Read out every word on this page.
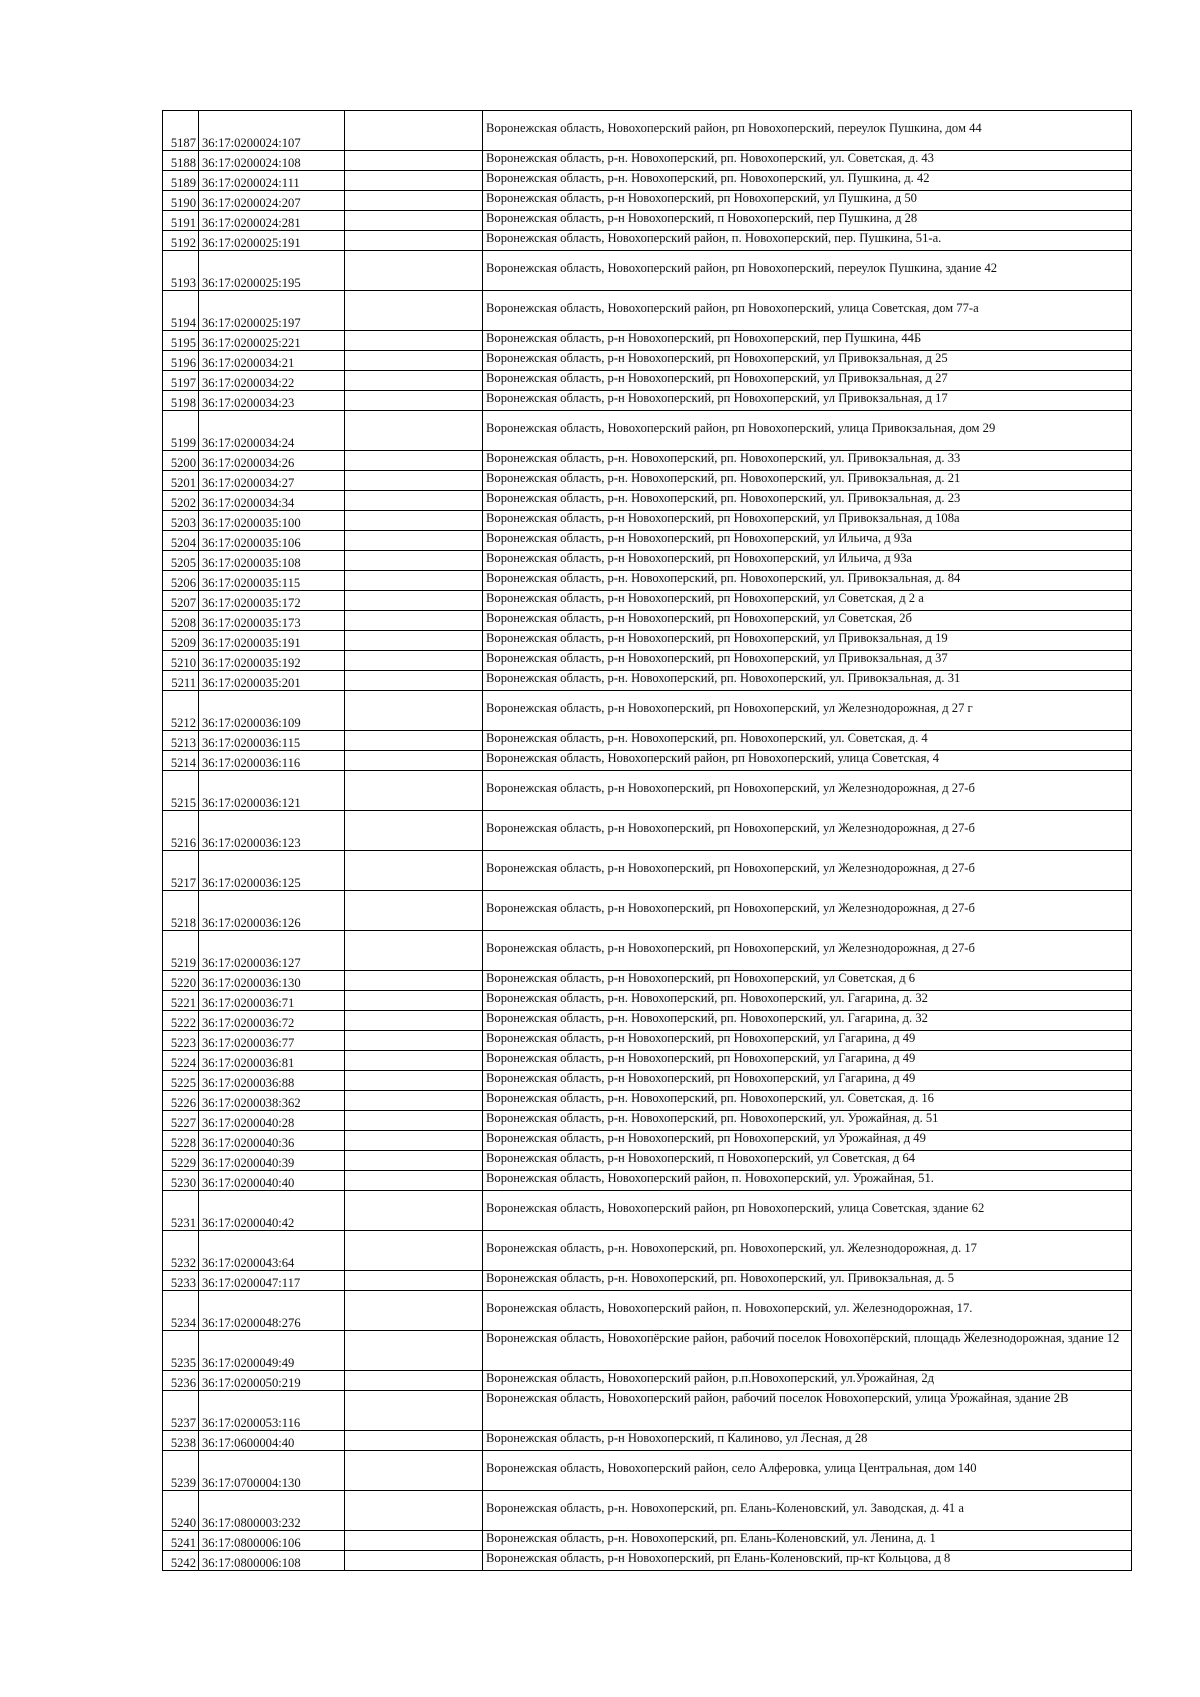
5187	36:17:0200024:107		Воронежская область, Новохоперский район, рп Новохоперский, переулок Пушкина, дом 44
5188	36:17:0200024:108		Воронежская область, р-н. Новохоперский, рп. Новохоперский, ул. Советская, д. 43
5189	36:17:0200024:111		Воронежская область, р-н. Новохоперский, рп. Новохоперский, ул. Пушкина, д. 42
5190	36:17:0200024:207		Воронежская область, р-н Новохоперский, рп Новохоперский, ул Пушкина, д 50
5191	36:17:0200024:281		Воронежская область, р-н Новохоперский, п Новохоперский, пер Пушкина, д 28
5192	36:17:0200025:191		Воронежская область, Новохоперский район, п. Новохоперский, пер. Пушкина, 51-а.
5193	36:17:0200025:195		Воронежская область, Новохоперский район, рп Новохоперский, переулок Пушкина, здание 42
5194	36:17:0200025:197		Воронежская область, Новохоперский район, рп Новохоперский, улица Советская, дом 77-а
5195	36:17:0200025:221		Воронежская область, р-н Новохоперский, рп Новохоперский, пер Пушкина, 44Б
5196	36:17:0200034:21		Воронежская область, р-н Новохоперский, рп Новохоперский, ул Привокзальная, д 25
5197	36:17:0200034:22		Воронежская область, р-н Новохоперский, рп Новохоперский, ул Привокзальная, д 27
5198	36:17:0200034:23		Воронежская область, р-н Новохоперский, рп Новохоперский, ул Привокзальная, д 17
5199	36:17:0200034:24		Воронежская область, Новохоперский район, рп Новохоперский, улица Привокзальная, дом 29
5200	36:17:0200034:26		Воронежская область, р-н. Новохоперский, рп. Новохоперский, ул. Привокзальная, д. 33
5201	36:17:0200034:27		Воронежская область, р-н. Новохоперский, рп. Новохоперский, ул. Привокзальная, д. 21
5202	36:17:0200034:34		Воронежская область, р-н. Новохоперский, рп. Новохоперский, ул. Привокзальная, д. 23
5203	36:17:0200035:100		Воронежская область, р-н Новохоперский, рп Новохоперский, ул Привокзальная, д 108а
5204	36:17:0200035:106		Воронежская область, р-н Новохоперский, рп Новохоперский, ул Ильича, д 93а
5205	36:17:0200035:108		Воронежская область, р-н Новохоперский, рп Новохоперский, ул Ильича, д 93а
5206	36:17:0200035:115		Воронежская область, р-н. Новохоперский, рп. Новохоперский, ул. Привокзальная, д. 84
5207	36:17:0200035:172		Воронежская область, р-н Новохоперский, рп Новохоперский, ул Советская, д 2 а
5208	36:17:0200035:173		Воронежская область, р-н Новохоперский, рп Новохоперский, ул Советская, 2б
5209	36:17:0200035:191		Воронежская область, р-н Новохоперский, рп Новохоперский, ул Привокзальная, д 19
5210	36:17:0200035:192		Воронежская область, р-н Новохоперский, рп Новохоперский, ул Привокзальная, д 37
5211	36:17:0200035:201		Воронежская область, р-н. Новохоперский, рп. Новохоперский, ул. Привокзальная, д. 31
5212	36:17:0200036:109		Воронежская область, р-н Новохоперский, рп Новохоперский, ул Железнодорожная, д 27 г
5213	36:17:0200036:115		Воронежская область, р-н. Новохоперский, рп. Новохоперский, ул. Советская, д. 4
5214	36:17:0200036:116		Воронежская область, Новохоперский район, рп Новохоперский, улица Советская, 4
5215	36:17:0200036:121		Воронежская область, р-н Новохоперский, рп Новохоперский, ул Железнодорожная, д 27-б
5216	36:17:0200036:123		Воронежская область, р-н Новохоперский, рп Новохоперский, ул Железнодорожная, д 27-б
5217	36:17:0200036:125		Воронежская область, р-н Новохоперский, рп Новохоперский, ул Железнодорожная, д 27-б
5218	36:17:0200036:126		Воронежская область, р-н Новохоперский, рп Новохоперский, ул Железнодорожная, д 27-б
5219	36:17:0200036:127		Воронежская область, р-н Новохоперский, рп Новохоперский, ул Железнодорожная, д 27-б
5220	36:17:0200036:130		Воронежская область, р-н Новохоперский, рп Новохоперский, ул Советская, д 6
5221	36:17:0200036:71		Воронежская область, р-н. Новохоперский, рп. Новохоперский, ул. Гагарина, д. 32
5222	36:17:0200036:72		Воронежская область, р-н. Новохоперский, рп. Новохоперский, ул. Гагарина, д. 32
5223	36:17:0200036:77		Воронежская область, р-н Новохоперский, рп Новохоперский, ул Гагарина, д 49
5224	36:17:0200036:81		Воронежская область, р-н Новохоперский, рп Новохоперский, ул Гагарина, д 49
5225	36:17:0200036:88		Воронежская область, р-н Новохоперский, рп Новохоперский, ул Гагарина, д 49
5226	36:17:0200038:362		Воронежская область, р-н. Новохоперский, рп. Новохоперский, ул. Советская, д. 16
5227	36:17:0200040:28		Воронежская область, р-н. Новохоперский, рп. Новохоперский, ул. Урожайная, д. 51
5228	36:17:0200040:36		Воронежская область, р-н Новохоперский, рп Новохоперский, ул Урожайная, д 49
5229	36:17:0200040:39		Воронежская область, р-н Новохоперский, п Новохоперский, ул Советская, д 64
5230	36:17:0200040:40		Воронежская область, Новохоперский район, п. Новохоперский, ул. Урожайная, 51.
5231	36:17:0200040:42		Воронежская область, Новохоперский район, рп Новохоперский, улица Советская, здание 62
5232	36:17:0200043:64		Воронежская область, р-н. Новохоперский, рп. Новохоперский, ул. Железнодорожная, д. 17
5233	36:17:0200047:117		Воронежская область, р-н. Новохоперский, рп. Новохоперский, ул. Привокзальная, д. 5
5234	36:17:0200048:276		Воронежская область, Новохоперский район, п. Новохоперский, ул. Железнодорожная, 17.
5235	36:17:0200049:49		Воронежская область, Новохопёрские район, рабочий поселок Новохопёрский, площадь Железнодорожная, здание 12
5236	36:17:0200050:219		Воронежская область, Новохоперский район, р.п.Новохоперский, ул.Урожайная, 2д
5237	36:17:0200053:116		Воронежская область, Новохоперский район, рабочий поселок Новохоперский, улица Урожайная, здание 2В
5238	36:17:0600004:40		Воронежская область, р-н Новохоперский, п Калиново, ул Лесная, д 28
5239	36:17:0700004:130		Воронежская область, Новохоперский район, село Алферовка, улица Центральная, дом 140
5240	36:17:0800003:232		Воронежская область, р-н. Новохоперский, рп. Елань-Коленовский, ул. Заводская, д. 41 а
5241	36:17:0800006:106		Воронежская область, р-н. Новохоперский, рп. Елань-Коленовский, ул. Ленина, д. 1
5242	36:17:0800006:108		Воронежская область, р-н Новохоперский, рп Елань-Коленовский, пр-кт Кольцова, д 8
